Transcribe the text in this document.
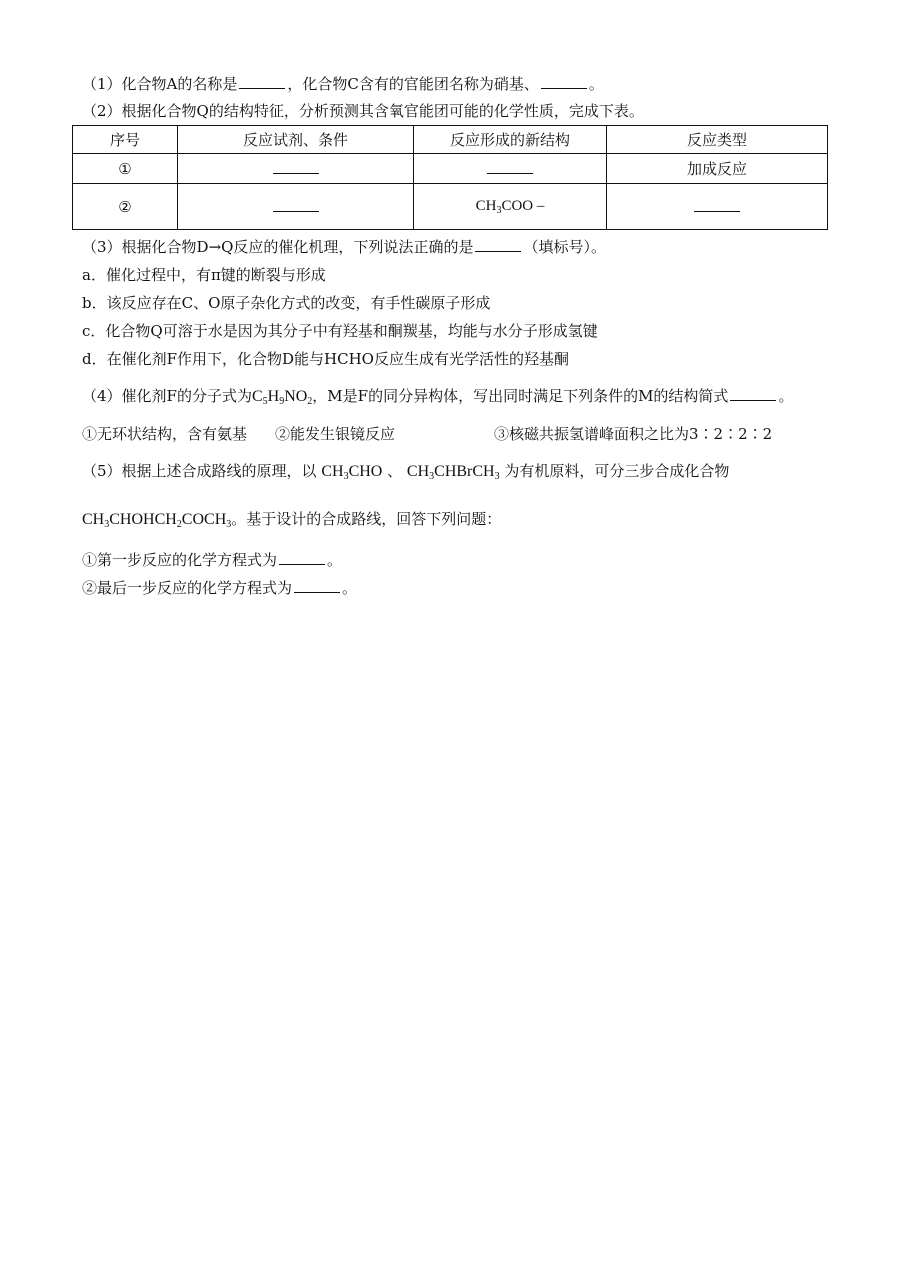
（1）化合物A的名称是	，化合物C含有的官能团名称为硝基、	。
（2）根据化合物Q的结构特征，分析预测其含氧官能团可能的化学性质，完成下表。
序号	反应试剂、条件	反应形成的新结构	反应类型
①			加成反应
②		$CH_3COO$ –	
（3）根据化合物D→Q反应的催化机理，下列说法正确的是	（填标号）。
a．催化过程中，有π键的断裂与形成
b．该反应存在C、O原子杂化方式的改变，有手性碳原子形成
c．化合物Q可溶于水是因为其分子中有羟基和酮羰基，均能与水分子形成氢键
d．在催化剂F作用下，化合物D能与HCHO反应生成有光学活性的羟基酮
（4）催化剂F的分子式为$C_5H_9NO_2$，M是F的同分异构体，写出同时满足下列条件的M的结构简式	。
①无环状结构，含有氨基 ②能发生银镜反应	③核磁共振氢谱峰面积之比为3∶2∶2∶2
（5）根据上述合成路线的原理，以 $CH_3CHO$ 、 $CH_3CHBrCH_3$ 为有机原料，可分三步合成化合物
$CH_3CHOHCH_2COCH_3$。基于设计的合成路线，回答下列问题：
①第一步反应的化学方程式为	。
②最后一步反应的化学方程式为	。
